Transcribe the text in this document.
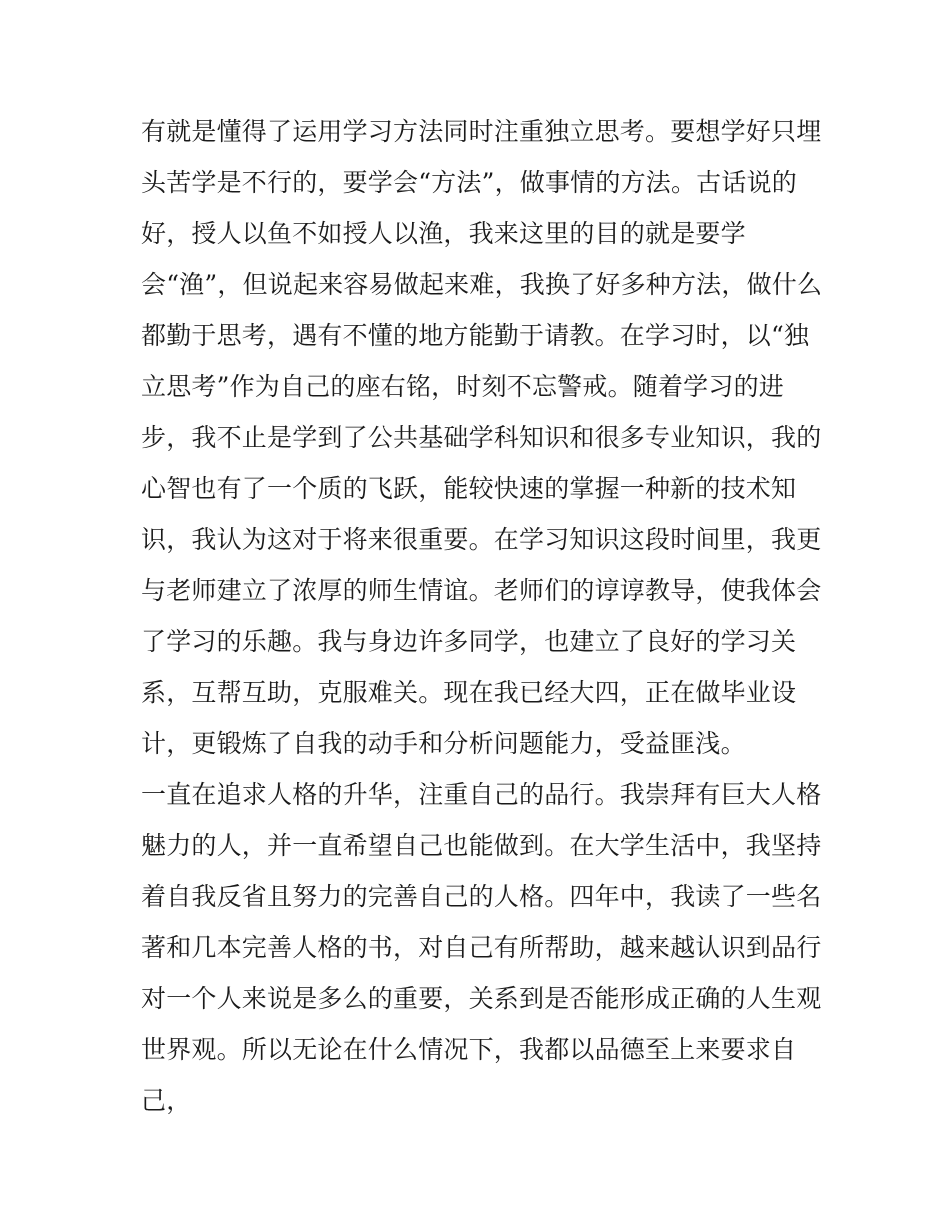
有就是懂得了运用学习方法同时注重独立思考。要想学好只埋
头苦学是不行的，要学会“方法”，做事情的方法。古话说的
好，授人以鱼不如授人以渔，我来这里的目的就是要学
会“渔”，但说起来容易做起来难，我换了好多种方法，做什么
都勤于思考，遇有不懂的地方能勤于请教。在学习时，以“独
立思考”作为自己的座右铭，时刻不忘警戒。随着学习的进
步，我不止是学到了公共基础学科知识和很多专业知识，我的
心智也有了一个质的飞跃，能较快速的掌握一种新的技术知
识，我认为这对于将来很重要。在学习知识这段时间里，我更
与老师建立了浓厚的师生情谊。老师们的谆谆教导，使我体会
了学习的乐趣。我与身边许多同学，也建立了良好的学习关
系，互帮互助，克服难关。现在我已经大四，正在做毕业设
计，更锻炼了自我的动手和分析问题能力，受益匪浅。
一直在追求人格的升华，注重自己的品行。我崇拜有巨大人格
魅力的人，并一直希望自己也能做到。在大学生活中，我坚持
着自我反省且努力的完善自己的人格。四年中，我读了一些名
著和几本完善人格的书，对自己有所帮助，越来越认识到品行
对一个人来说是多么的重要，关系到是否能形成正确的人生观
世界观。所以无论在什么情况下，我都以品德至上来要求自
己，
